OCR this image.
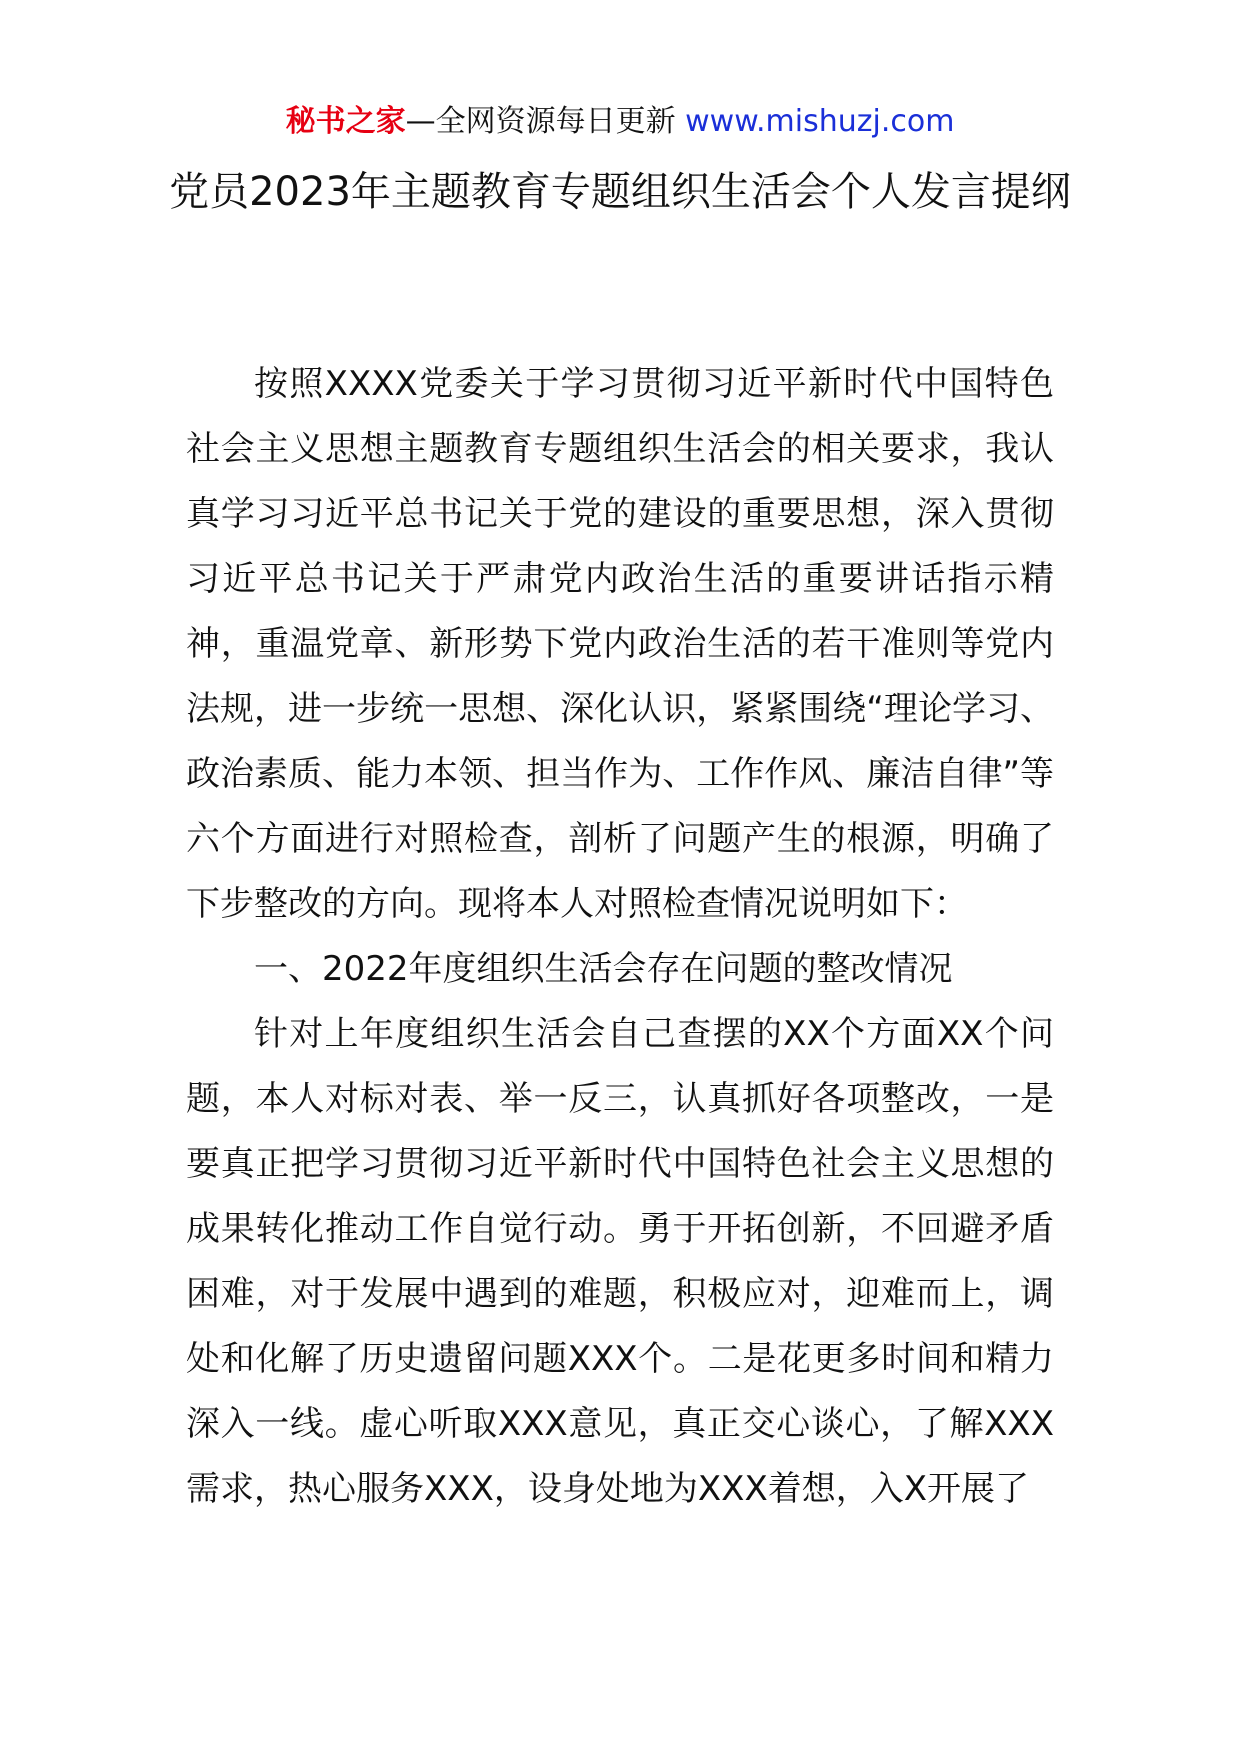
秘书之家—全网资源每日更新 www.mishuzj.com
党员2023年主题教育专题组织生活会个人发言提纲

按照XXXX党委关于学习贯彻习近平新时代中国特色社会主义思想主题教育专题组织生活会的相关要求，我认真学习习近平总书记关于党的建设的重要思想，深入贯彻习近平总书记关于严肃党内政治生活的重要讲话指示精神，重温党章、新形势下党内政治生活的若干准则等党内法规，进一步统一思想、深化认识，紧紧围绕“理论学习、政治素质、能力本领、担当作为、工作作风、廉洁自律”等六个方面进行对照检查，剖析了问题产生的根源，明确了下步整改的方向。现将本人对照检查情况说明如下：

一、2022年度组织生活会存在问题的整改情况

针对上年度组织生活会自己查摆的XX个方面XX个问题，本人对标对表、举一反三，认真抓好各项整改，一是要真正把学习贯彻习近平新时代中国特色社会主义思想的成果转化推动工作自觉行动。勇于开拓创新，不回避矛盾困难，对于发展中遇到的难题，积极应对，迎难而上，调处和化解了历史遗留问题XXX个。二是花更多时间和精力深入一线。虚心听取XXX意见，真正交心谈心，了解XXX需求，热心服务XXX，设身处地为XXX着想，入X开展了
